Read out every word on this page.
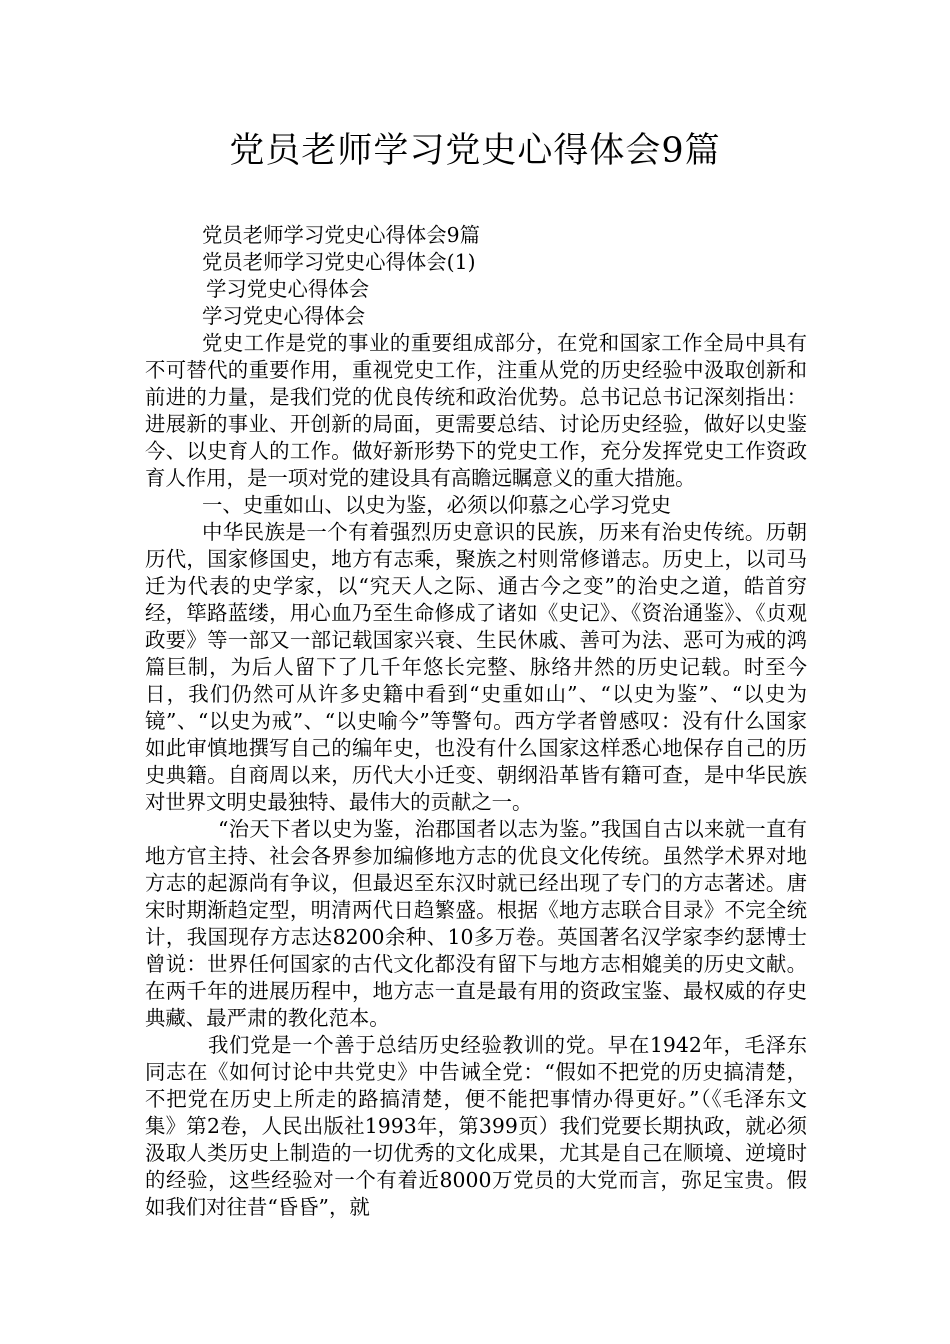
党员老师学习党史心得体会9篇

党员老师学习党史心得体会9篇

党员老师学习党史心得体会(1)

学习党史心得体会

学习党史心得体会

党史工作是党的事业的重要组成部分，在党和国家工作全局中具有不可替代的重要作用，重视党史工作，注重从党的历史经验中汲取创新和前进的力量，是我们党的优良传统和政治优势。总书记总书记深刻指出：进展新的事业、开创新的局面，更需要总结、讨论历史经验，做好以史鉴今、以史育人的工作。做好新形势下的党史工作，充分发挥党史工作资政育人作用，是一项对党的建设具有高瞻远瞩意义的重大措施。

一、史重如山、以史为鉴，必须以仰慕之心学习党史

中华民族是一个有着强烈历史意识的民族，历来有治史传统。历朝历代，国家修国史，地方有志乘，聚族之村则常修谱志。历史上，以司马迁为代表的史学家，以“究天人之际、通古今之变”的治史之道，皓首穷经，筚路蓝缕，用心血乃至生命修成了诸如《史记》、《资治通鉴》、《贞观政要》等一部又一部记载国家兴衰、生民休戚、善可为法、恶可为戒的鸿篇巨制，为后人留下了几千年悠长完整、脉络井然的历史记载。时至今日，我们仍然可从许多史籍中看到“史重如山”、“以史为鉴”、“以史为镜”、“以史为戒”、“以史喻今”等警句。西方学者曾感叹：没有什么国家如此审慎地撰写自己的编年史，也没有什么国家这样悉心地保存自己的历史典籍。自商周以来，历代大小迁变、朝纲沿革皆有籍可查，是中华民族对世界文明史最独特、最伟大的贡献之一。

“治天下者以史为鉴，治郡国者以志为鉴。”我国自古以来就一直有地方官主持、社会各界参加编修地方志的优良文化传统。虽然学术界对地方志的起源尚有争议，但最迟至东汉时就已经出现了专门的方志著述。唐宋时期渐趋定型，明清两代日趋繁盛。根据《地方志联合目录》不完全统计，我国现存方志达8200余种、10多万卷。英国著名汉学家李约瑟博士曾说：世界任何国家的古代文化都没有留下与地方志相媲美的历史文献。在两千年的进展历程中，地方志一直是最有用的资政宝鉴、最权威的存史典藏、最严肃的教化范本。

我们党是一个善于总结历史经验教训的党。早在1942年，毛泽东同志在《如何讨论中共党史》中告诫全党：“假如不把党的历史搞清楚，不把党在历史上所走的路搞清楚，便不能把事情办得更好。”（《毛泽东文集》第2卷，人民出版社1993年，第399页）我们党要长期执政，就必须汲取人类历史上制造的一切优秀的文化成果，尤其是自己在顺境、逆境时的经验，这些经验对一个有着近8000万党员的大党而言，弥足宝贵。假如我们对往昔“昏昏”，就
